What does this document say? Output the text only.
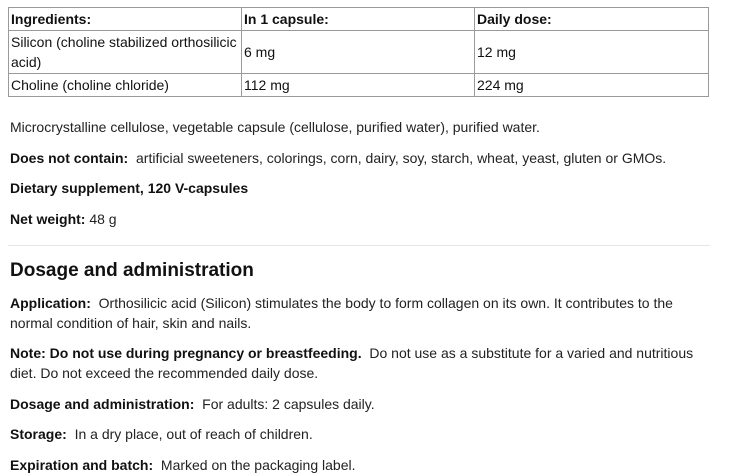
Ingredients:	In 1 capsule:	Daily dose:
Silicon (choline stabilized orthosilicic acid)	6 mg	12 mg
Choline (choline chloride)	112 mg	224 mg
Microcrystalline cellulose, vegetable capsule (cellulose, purified water), purified water.
Does not contain: artificial sweeteners, colorings, corn, dairy, soy, starch, wheat, yeast, gluten or GMOs.
Dietary supplement, 120 V-capsules
Net weight: 48 g
Dosage and administration
Application: Orthosilicic acid (Silicon) stimulates the body to form collagen on its own. It contributes to the normal condition of hair, skin and nails.
Note: Do not use during pregnancy or breastfeeding. Do not use as a substitute for a varied and nutritious diet. Do not exceed the recommended daily dose.
Dosage and administration: For adults: 2 capsules daily.
Storage: In a dry place, out of reach of children.
Expiration and batch: Marked on the packaging label.
